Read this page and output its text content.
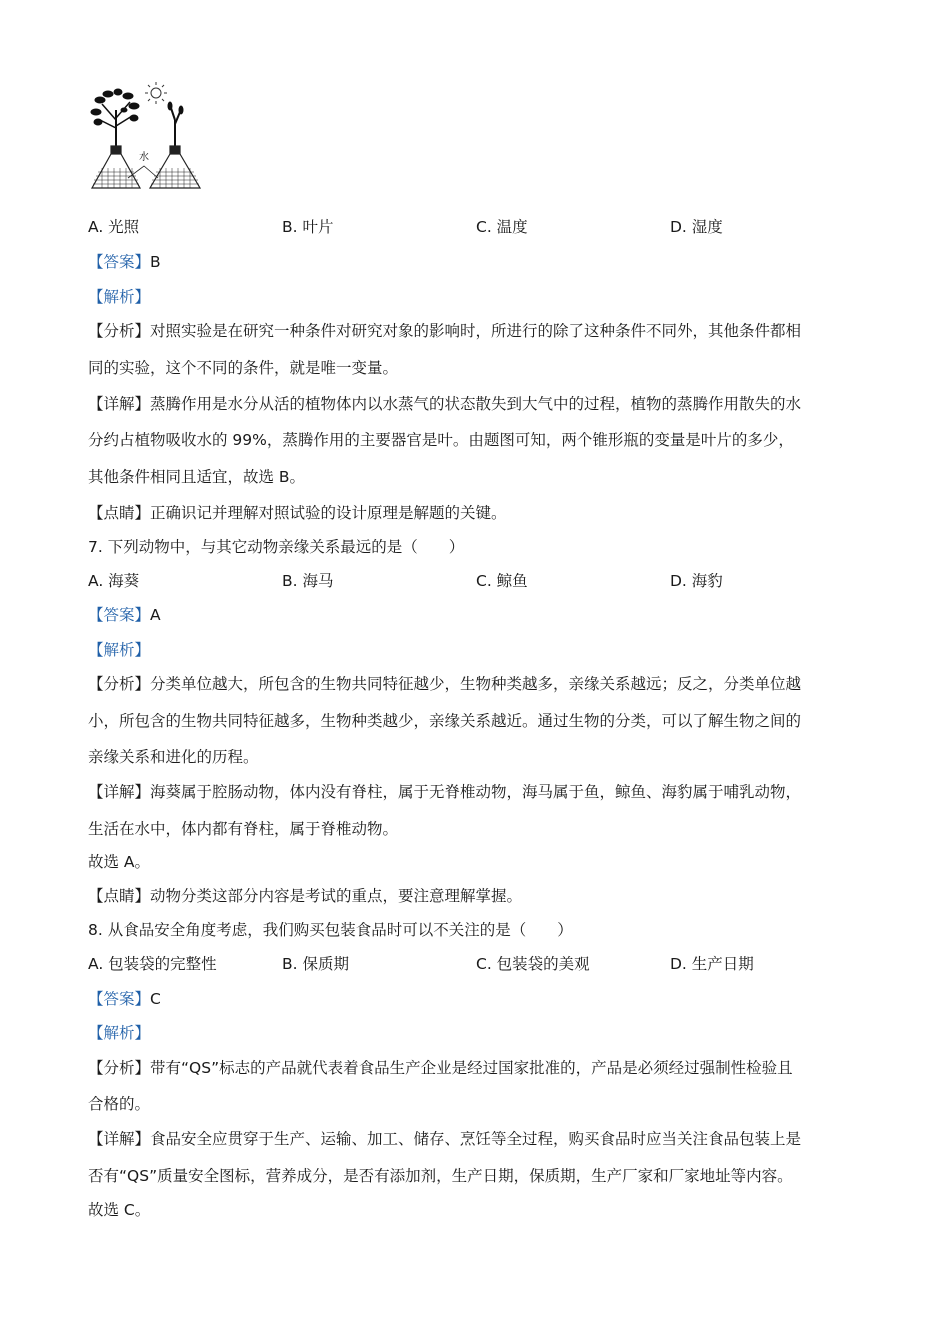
水
A. 光照	B. 叶片	C. 温度	D. 湿度
【答案】B
【解析】
【分析】对照实验是在研究一种条件对研究对象的影响时，所进行的除了这种条件不同外，其他条件都相
同的实验，这个不同的条件，就是唯一变量。
【详解】蒸腾作用是水分从活的植物体内以水蒸气的状态散失到大气中的过程，植物的蒸腾作用散失的水
分约占植物吸收水的 99%，蒸腾作用的主要器官是叶。由题图可知，两个锥形瓶的变量是叶片的多少，
其他条件相同且适宜，故选 B。
【点睛】正确识记并理解对照试验的设计原理是解题的关键。
7. 下列动物中，与其它动物亲缘关系最远的是（　　）
A. 海葵	B. 海马	C. 鲸鱼	D. 海豹
【答案】A
【解析】
【分析】分类单位越大，所包含的生物共同特征越少，生物种类越多，亲缘关系越远；反之，分类单位越
小，所包含的生物共同特征越多，生物种类越少，亲缘关系越近。通过生物的分类，可以了解生物之间的
亲缘关系和进化的历程。
【详解】海葵属于腔肠动物，体内没有脊柱，属于无脊椎动物，海马属于鱼，鲸鱼、海豹属于哺乳动物，
生活在水中，体内都有脊柱，属于脊椎动物。
故选 A。
【点睛】动物分类这部分内容是考试的重点，要注意理解掌握。
8. 从食品安全角度考虑，我们购买包装食品时可以不关注的是（　　）
A. 包装袋的完整性	B. 保质期	C. 包装袋的美观	D. 生产日期
【答案】C
【解析】
【分析】带有“QS”标志的产品就代表着食品生产企业是经过国家批准的，产品是必须经过强制性检验且
合格的。
【详解】食品安全应贯穿于生产、运输、加工、储存、烹饪等全过程，购买食品时应当关注食品包装上是
否有“QS”质量安全图标，营养成分，是否有添加剂，生产日期，保质期，生产厂家和厂家地址等内容。
故选 C。
